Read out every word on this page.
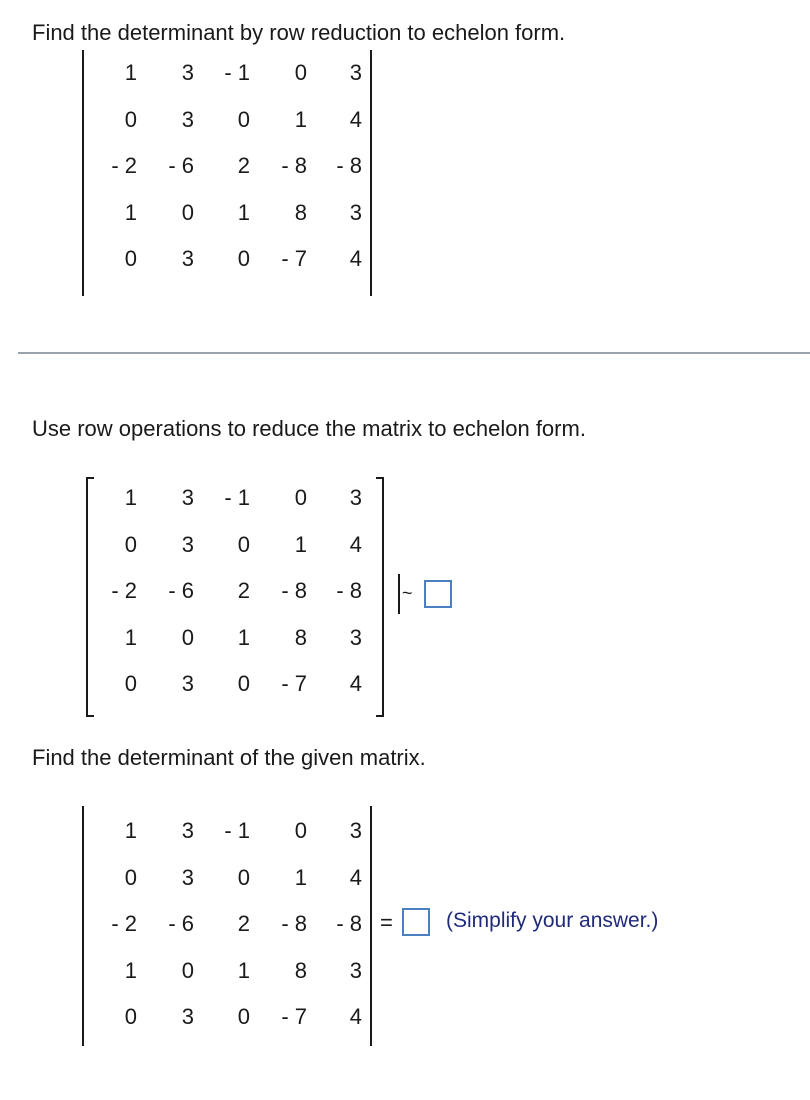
Find the determinant by row reduction to echelon form.
1	3	- 1	0	3
0	3	0	1	4
- 2	- 6	2	- 8	- 8
1	0	1	8	3
0	3	0	- 7	4

Use row operations to reduce the matrix to echelon form.

1	3	- 1	0	3
0	3	0	1	4
- 2	- 6	2	- 8	- 8
1	0	1	8	3
0	3	0	- 7	4
~

Find the determinant of the given matrix.

1	3	- 1	0	3
0	3	0	1	4
- 2	- 6	2	- 8	- 8
1	0	1	8	3
0	3	0	- 7	4
=	(Simplify your answer.)
